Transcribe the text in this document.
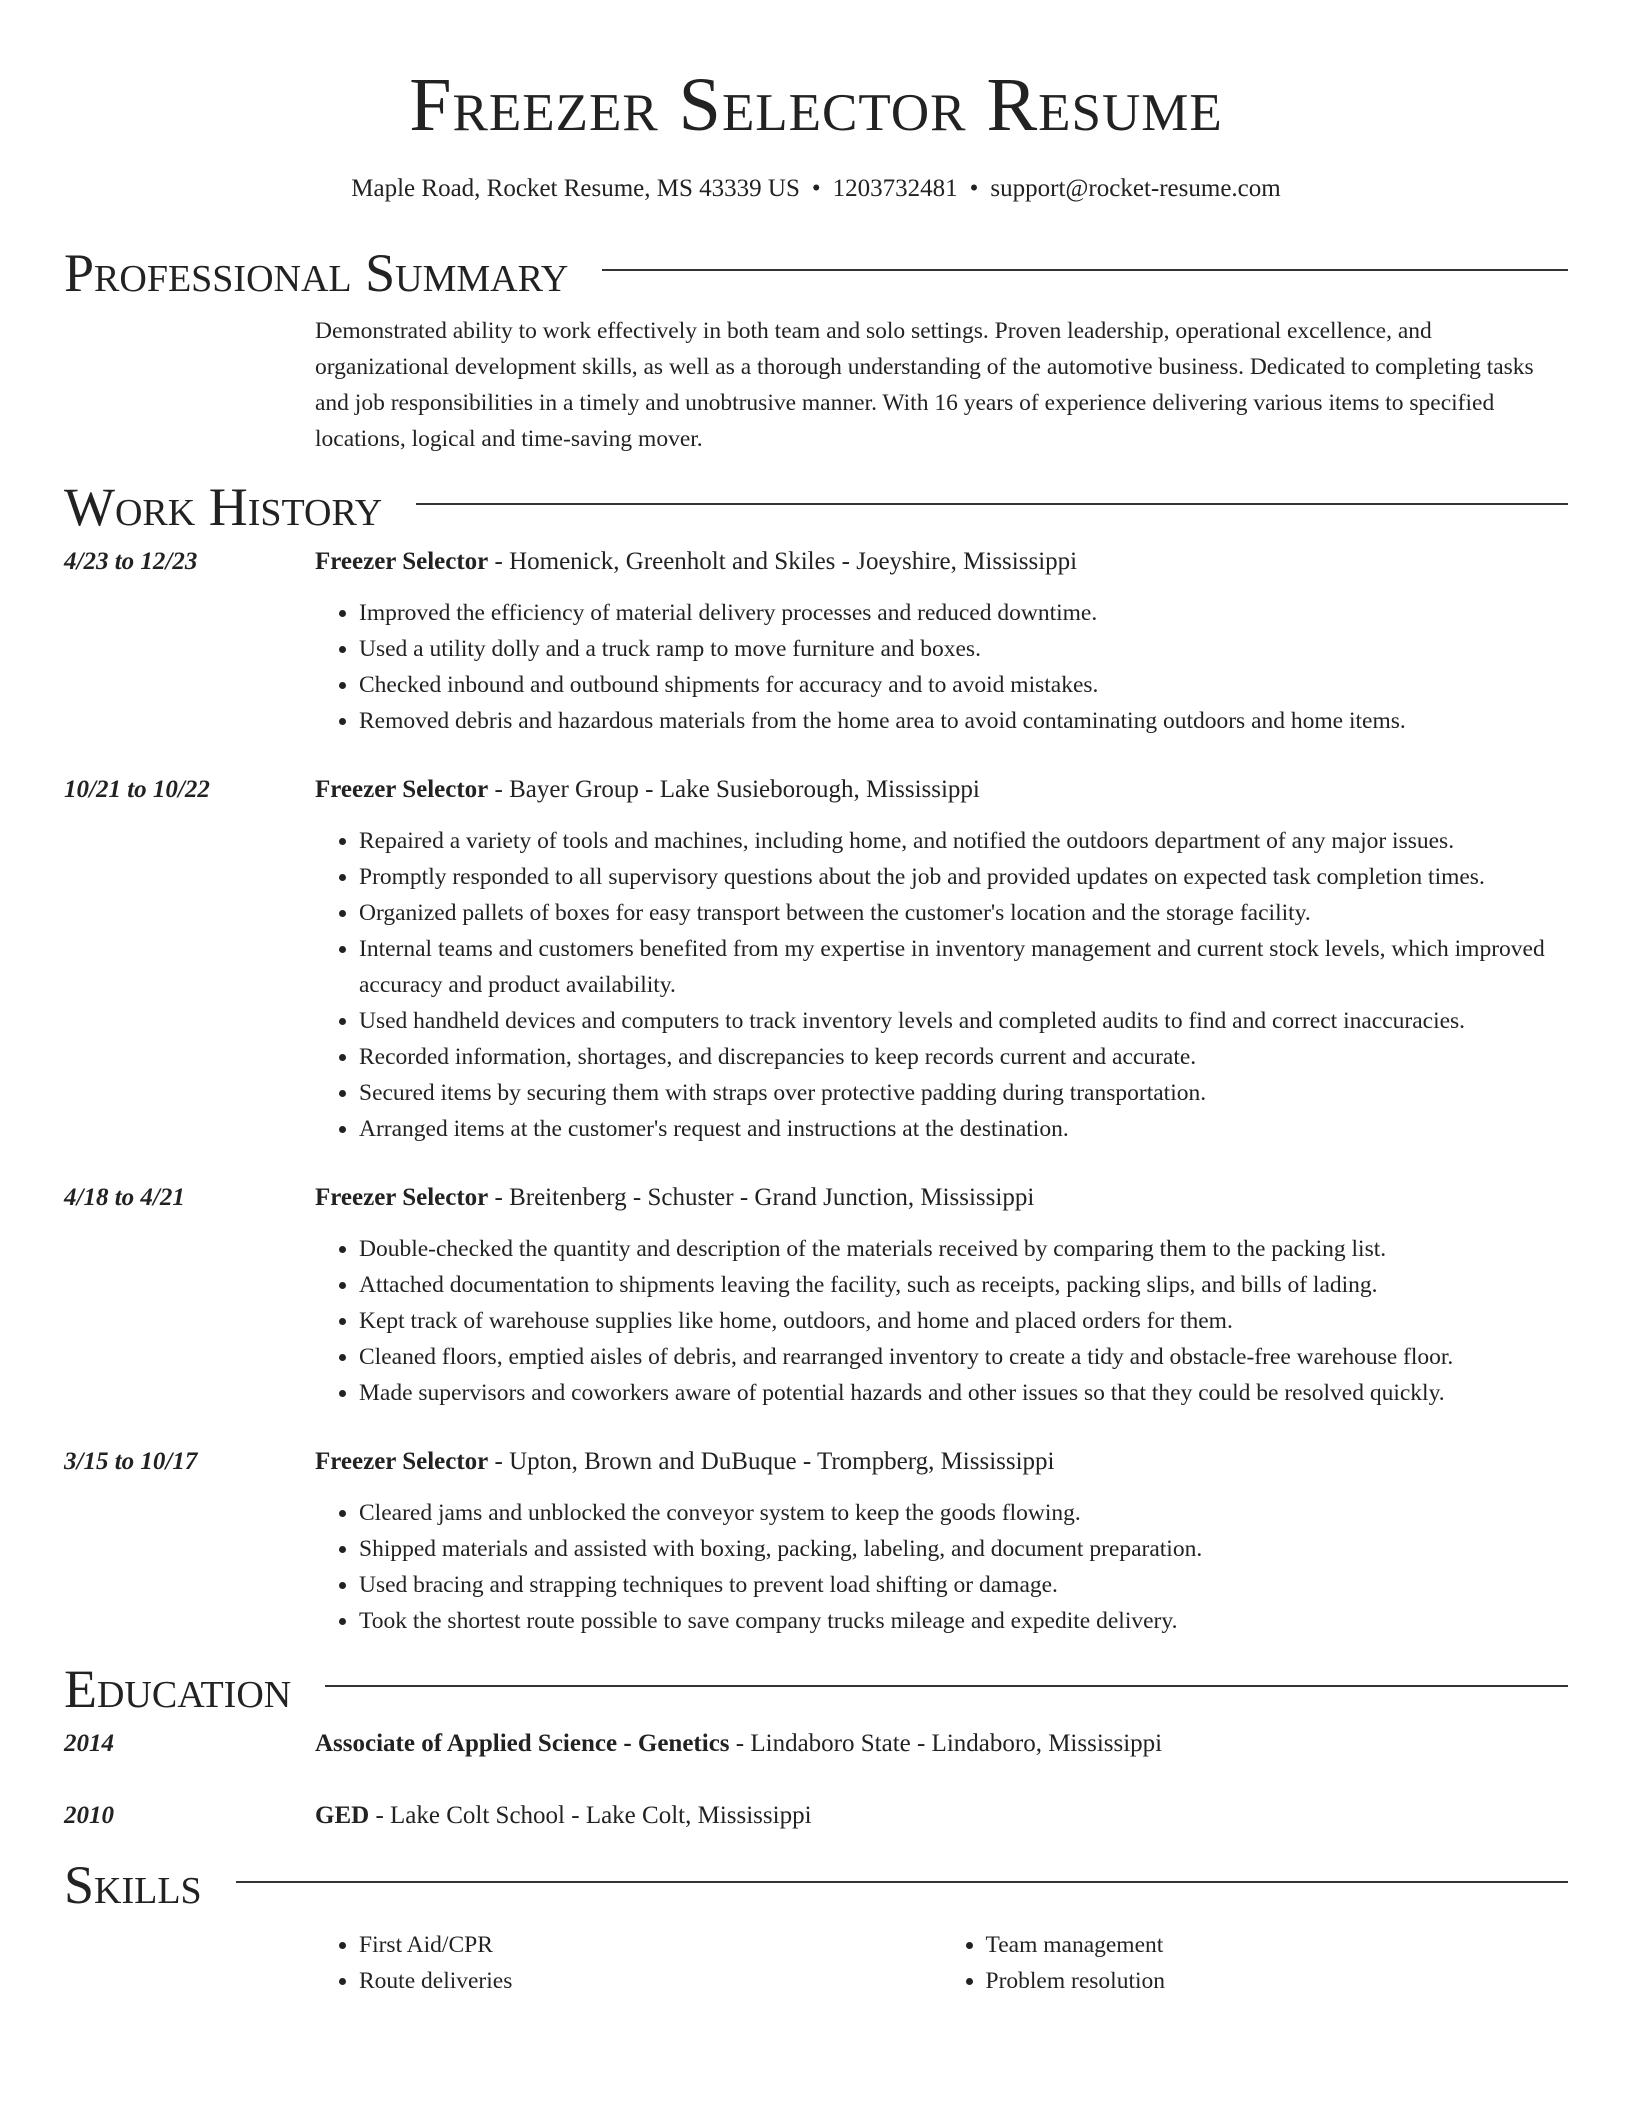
Freezer Selector Resume
Maple Road, Rocket Resume, MS 43339 US • 1203732481 • support@rocket-resume.com
Professional Summary
Demonstrated ability to work effectively in both team and solo settings. Proven leadership, operational excellence, and organizational development skills, as well as a thorough understanding of the automotive business. Dedicated to completing tasks and job responsibilities in a timely and unobtrusive manner. With 16 years of experience delivering various items to specified locations, logical and time-saving mover.
Work History
4/23 to 12/23	Freezer Selector - Homenick, Greenholt and Skiles - Joeyshire, Mississippi
• Improved the efficiency of material delivery processes and reduced downtime.
• Used a utility dolly and a truck ramp to move furniture and boxes.
• Checked inbound and outbound shipments for accuracy and to avoid mistakes.
• Removed debris and hazardous materials from the home area to avoid contaminating outdoors and home items.
10/21 to 10/22	Freezer Selector - Bayer Group - Lake Susieborough, Mississippi
• Repaired a variety of tools and machines, including home, and notified the outdoors department of any major issues.
• Promptly responded to all supervisory questions about the job and provided updates on expected task completion times.
• Organized pallets of boxes for easy transport between the customer's location and the storage facility.
• Internal teams and customers benefited from my expertise in inventory management and current stock levels, which improved accuracy and product availability.
• Used handheld devices and computers to track inventory levels and completed audits to find and correct inaccuracies.
• Recorded information, shortages, and discrepancies to keep records current and accurate.
• Secured items by securing them with straps over protective padding during transportation.
• Arranged items at the customer's request and instructions at the destination.
4/18 to 4/21	Freezer Selector - Breitenberg - Schuster - Grand Junction, Mississippi
• Double-checked the quantity and description of the materials received by comparing them to the packing list.
• Attached documentation to shipments leaving the facility, such as receipts, packing slips, and bills of lading.
• Kept track of warehouse supplies like home, outdoors, and home and placed orders for them.
• Cleaned floors, emptied aisles of debris, and rearranged inventory to create a tidy and obstacle-free warehouse floor.
• Made supervisors and coworkers aware of potential hazards and other issues so that they could be resolved quickly.
3/15 to 10/17	Freezer Selector - Upton, Brown and DuBuque - Trompberg, Mississippi
• Cleared jams and unblocked the conveyor system to keep the goods flowing.
• Shipped materials and assisted with boxing, packing, labeling, and document preparation.
• Used bracing and strapping techniques to prevent load shifting or damage.
• Took the shortest route possible to save company trucks mileage and expedite delivery.
Education
2014	Associate of Applied Science - Genetics - Lindaboro State - Lindaboro, Mississippi
2010	GED - Lake Colt School - Lake Colt, Mississippi
Skills
• First Aid/CPR
• Route deliveries
• Team management
• Problem resolution
